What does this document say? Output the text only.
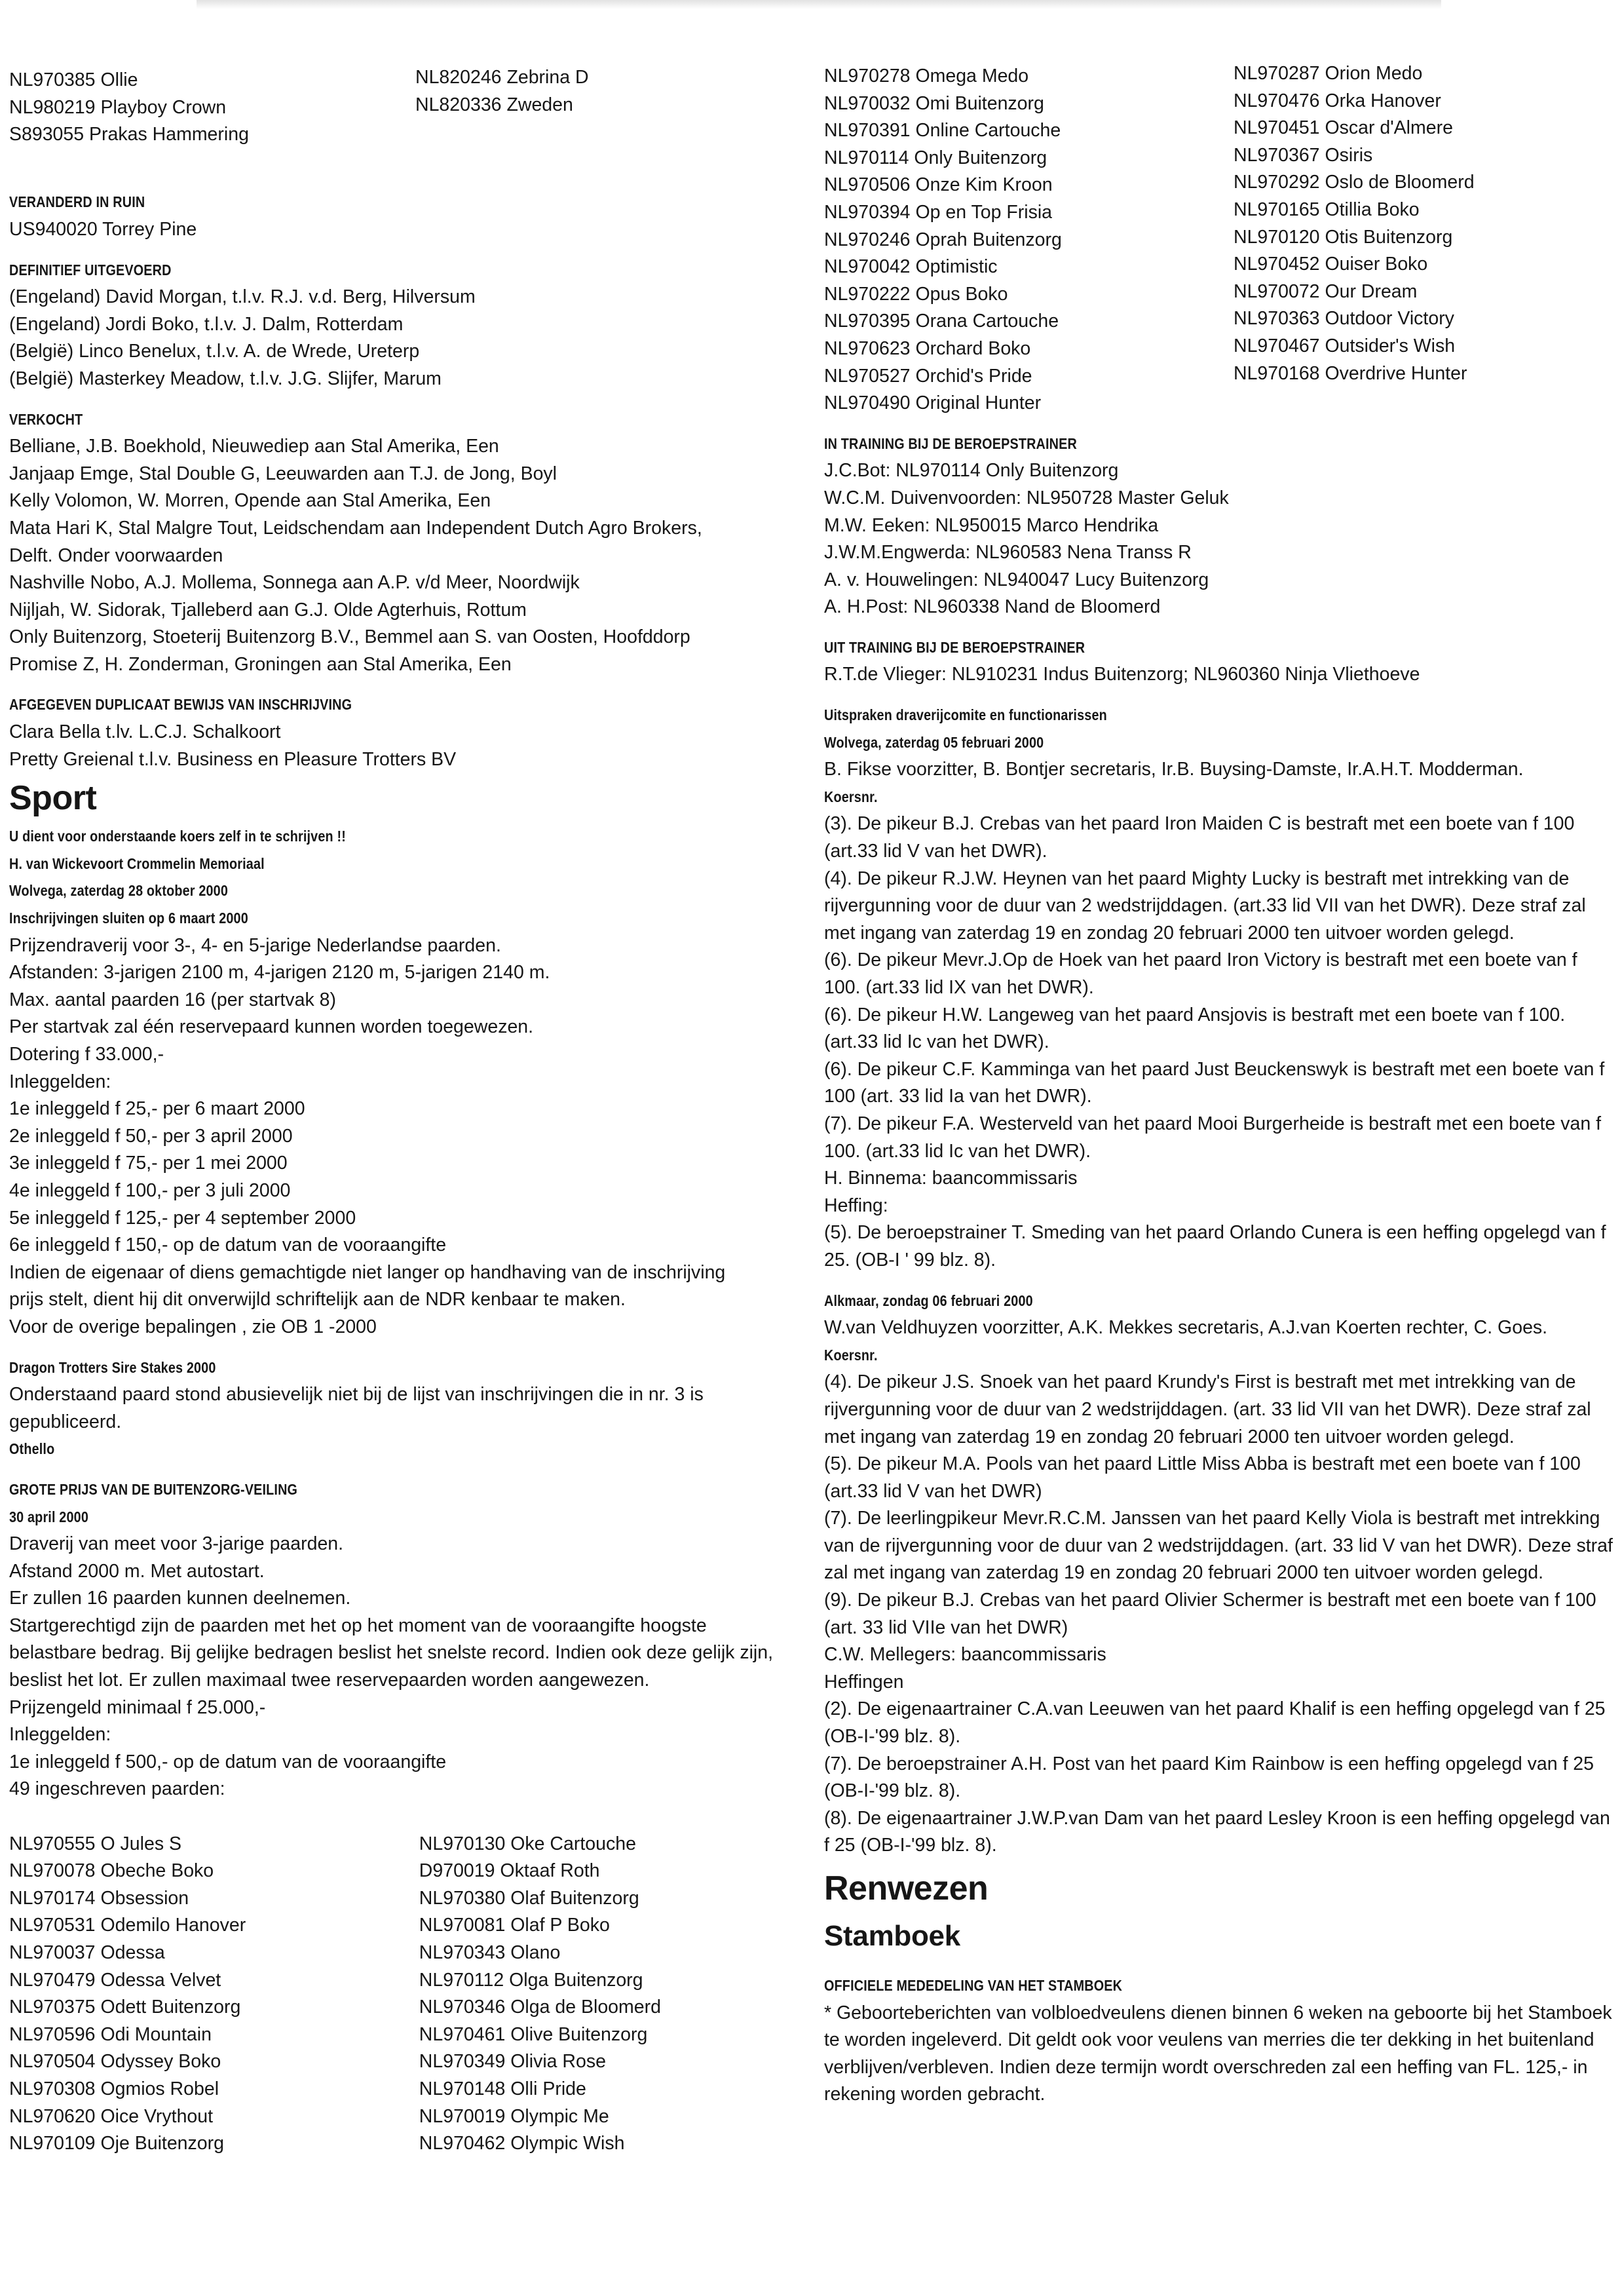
NL970385 Ollie
NL980219 Playboy Crown
S893055 Prakas Hammering
NL820246 Zebrina D
NL820336 Zweden
VERANDERD IN RUIN
US940020 Torrey Pine
DEFINITIEF UITGEVOERD
(Engeland) David Morgan, t.l.v. R.J. v.d. Berg, Hilversum
(Engeland) Jordi Boko, t.l.v. J. Dalm, Rotterdam
(België) Linco Benelux, t.l.v. A. de Wrede, Ureterp
(België) Masterkey Meadow, t.l.v. J.G. Slijfer, Marum
VERKOCHT
Belliane, J.B. Boekhold, Nieuwediep aan Stal Amerika, Een
Janjaap Emge, Stal Double G, Leeuwarden aan T.J. de Jong, Boyl
Kelly Volomon, W. Morren, Opende aan Stal Amerika, Een
Mata Hari K, Stal Malgre Tout, Leidschendam aan Independent Dutch Agro Brokers,
Delft. Onder voorwaarden
Nashville Nobo, A.J. Mollema, Sonnega aan A.P. v/d Meer, Noordwijk
Nijljah, W. Sidorak, Tjalleberd aan G.J. Olde Agterhuis, Rottum
Only Buitenzorg, Stoeterij Buitenzorg B.V., Bemmel aan S. van Oosten, Hoofddorp
Promise Z, H. Zonderman, Groningen aan Stal Amerika, Een
AFGEGEVEN DUPLICAAT BEWIJS VAN INSCHRIJVING
Clara Bella t.lv. L.C.J. Schalkoort
Pretty Greienal t.l.v. Business en Pleasure Trotters BV
Sport
U dient voor onderstaande koers zelf in te schrijven !!
H. van Wickevoort Crommelin Memoriaal
Wolvega, zaterdag 28 oktober 2000
Inschrijvingen sluiten op 6 maart 2000
Prijzendraverij voor 3-, 4- en 5-jarige Nederlandse paarden.
Afstanden: 3-jarigen 2100 m, 4-jarigen 2120 m, 5-jarigen 2140 m.
Max. aantal paarden 16 (per startvak 8)
Per startvak zal één reservepaard kunnen worden toegewezen.
Dotering f 33.000,-
Inleggelden:
1e inleggeld f 25,- per 6 maart 2000
2e inleggeld f 50,- per 3 april 2000
3e inleggeld f 75,- per 1 mei 2000
4e inleggeld f 100,- per 3 juli 2000
5e inleggeld f 125,- per 4 september 2000
6e inleggeld f 150,- op de datum van de vooraangifte
Indien de eigenaar of diens gemachtigde niet langer op handhaving van de inschrijving
prijs stelt, dient hij dit onverwijld schriftelijk aan de NDR kenbaar te maken.
Voor de overige bepalingen , zie OB 1 -2000
Dragon Trotters Sire Stakes 2000
Onderstaand paard stond abusievelijk niet bij de lijst van inschrijvingen die in nr. 3 is gepubliceerd.
Othello
GROTE PRIJS VAN DE BUITENZORG-VEILING
30 april 2000
Draverij van meet voor 3-jarige paarden.
Afstand 2000 m. Met autostart.
Er zullen 16 paarden kunnen deelnemen.
Startgerechtigd zijn de paarden met het op het moment van de vooraangifte hoogste belastbare bedrag. Bij gelijke bedragen beslist het snelste record. Indien ook deze gelijk zijn, beslist het lot. Er zullen maximaal twee reservepaarden worden aangewezen.
Prijzengeld minimaal f 25.000,-
Inleggelden:
1e inleggeld f 500,- op de datum van de vooraangifte
49 ingeschreven paarden:
NL970555 O Jules S
NL970078 Obeche Boko
NL970174 Obsession
NL970531 Odemilo Hanover
NL970037 Odessa
NL970479 Odessa Velvet
NL970375 Odett Buitenzorg
NL970596 Odi Mountain
NL970504 Odyssey Boko
NL970308 Ogmios Robel
NL970620 Oice Vrythout
NL970109 Oje Buitenzorg
NL970130 Oke Cartouche
D970019 Oktaaf Roth
NL970380 Olaf Buitenzorg
NL970081 Olaf P Boko
NL970343 Olano
NL970112 Olga Buitenzorg
NL970346 Olga de Bloomerd
NL970461 Olive Buitenzorg
NL970349 Olivia Rose
NL970148 Olli Pride
NL970019 Olympic Me
NL970462 Olympic Wish
NL970278 Omega Medo
NL970032 Omi Buitenzorg
NL970391 Online Cartouche
NL970114 Only Buitenzorg
NL970506 Onze Kim Kroon
NL970394 Op en Top Frisia
NL970246 Oprah Buitenzorg
NL970042 Optimistic
NL970222 Opus Boko
NL970395 Orana Cartouche
NL970623 Orchard Boko
NL970527 Orchid's Pride
NL970490 Original Hunter
NL970287 Orion Medo
NL970476 Orka Hanover
NL970451 Oscar d'Almere
NL970367 Osiris
NL970292 Oslo de Bloomerd
NL970165 Otillia Boko
NL970120 Otis Buitenzorg
NL970452 Ouiser Boko
NL970072 Our Dream
NL970363 Outdoor Victory
NL970467 Outsider's Wish
NL970168 Overdrive Hunter
IN TRAINING BIJ DE BEROEPSTRAINER
J.C.Bot: NL970114 Only Buitenzorg
W.C.M. Duivenvoorden: NL950728 Master Geluk
M.W. Eeken: NL950015 Marco Hendrika
J.W.M.Engwerda: NL960583 Nena Transs R
A. v. Houwelingen: NL940047 Lucy Buitenzorg
A. H.Post: NL960338 Nand de Bloomerd
UIT TRAINING BIJ DE BEROEPSTRAINER
R.T.de Vlieger: NL910231 Indus Buitenzorg; NL960360 Ninja Vliethoeve
Uitspraken draverijcomite en functionarissen
Wolvega, zaterdag 05 februari 2000
B. Fikse voorzitter, B. Bontjer secretaris, Ir.B. Buysing-Damste, Ir.A.H.T. Modderman.
Koersnr.
(3). De pikeur B.J. Crebas van het paard Iron Maiden C is bestraft met een boete van f 100 (art.33 lid V van het DWR).
(4). De pikeur R.J.W. Heynen van het paard Mighty Lucky is bestraft met intrekking van de rijvergunning voor de duur van 2 wedstrijddagen. (art.33 lid VII van het DWR). Deze straf zal met ingang van zaterdag 19 en zondag 20 februari 2000 ten uitvoer worden gelegd.
(6). De pikeur Mevr.J.Op de Hoek van het paard Iron Victory is bestraft met een boete van f 100. (art.33 lid IX van het DWR).
(6). De pikeur H.W. Langeweg van het paard Ansjovis is bestraft met een boete van f 100. (art.33 lid Ic van het DWR).
(6). De pikeur C.F. Kamminga van het paard Just Beuckenswyk is bestraft met een boete van f 100 (art. 33 lid Ia van het DWR).
(7). De pikeur F.A. Westerveld van het paard Mooi Burgerheide is bestraft met een boete van f 100. (art.33 lid Ic van het DWR).
H. Binnema: baancommissaris
Heffing:
(5). De beroepstrainer T. Smeding van het paard Orlando Cunera is een heffing opgelegd van f 25. (OB-I ' 99 blz. 8).
Alkmaar, zondag 06 februari 2000
W.van Veldhuyzen voorzitter, A.K. Mekkes secretaris, A.J.van Koerten rechter, C. Goes.
Koersnr.
(4). De pikeur J.S. Snoek van het paard Krundy's First is bestraft met met intrekking van de rijvergunning voor de duur van 2 wedstrijddagen. (art. 33 lid VII van het DWR). Deze straf zal met ingang van zaterdag 19 en zondag 20 februari 2000 ten uitvoer worden gelegd.
(5). De pikeur M.A. Pools van het paard Little Miss Abba is bestraft met een boete van f 100 (art.33 lid V van het DWR)
(7). De leerlingpikeur Mevr.R.C.M. Janssen van het paard Kelly Viola is bestraft met intrekking van de rijvergunning voor de duur van 2 wedstrijddagen. (art. 33 lid V van het DWR). Deze straf zal met ingang van zaterdag 19 en zondag 20 februari 2000 ten uitvoer worden gelegd.
(9). De pikeur B.J. Crebas van het paard Olivier Schermer is bestraft met een boete van f 100 (art. 33 lid VIIe van het DWR)
C.W. Mellegers: baancommissaris
Heffingen
(2). De eigenaartrainer C.A.van Leeuwen van het paard Khalif is een heffing opgelegd van f 25 (OB-I-'99 blz. 8).
(7). De beroepstrainer A.H. Post van het paard Kim Rainbow is een heffing opgelegd van f 25 (OB-I-'99 blz. 8).
(8). De eigenaartrainer J.W.P.van Dam van het paard Lesley Kroon is een heffing opgelegd van f 25 (OB-I-'99 blz. 8).
Renwezen
Stamboek
OFFICIELE MEDEDELING VAN HET STAMBOEK
* Geboorteberichten van volbloedveulens dienen binnen 6 weken na geboorte bij het Stamboek te worden ingeleverd. Dit geldt ook voor veulens van merries die ter dekking in het buitenland verblijven/verbleven. Indien deze termijn wordt overschreden zal een heffing van FL. 125,- in rekening worden gebracht.
